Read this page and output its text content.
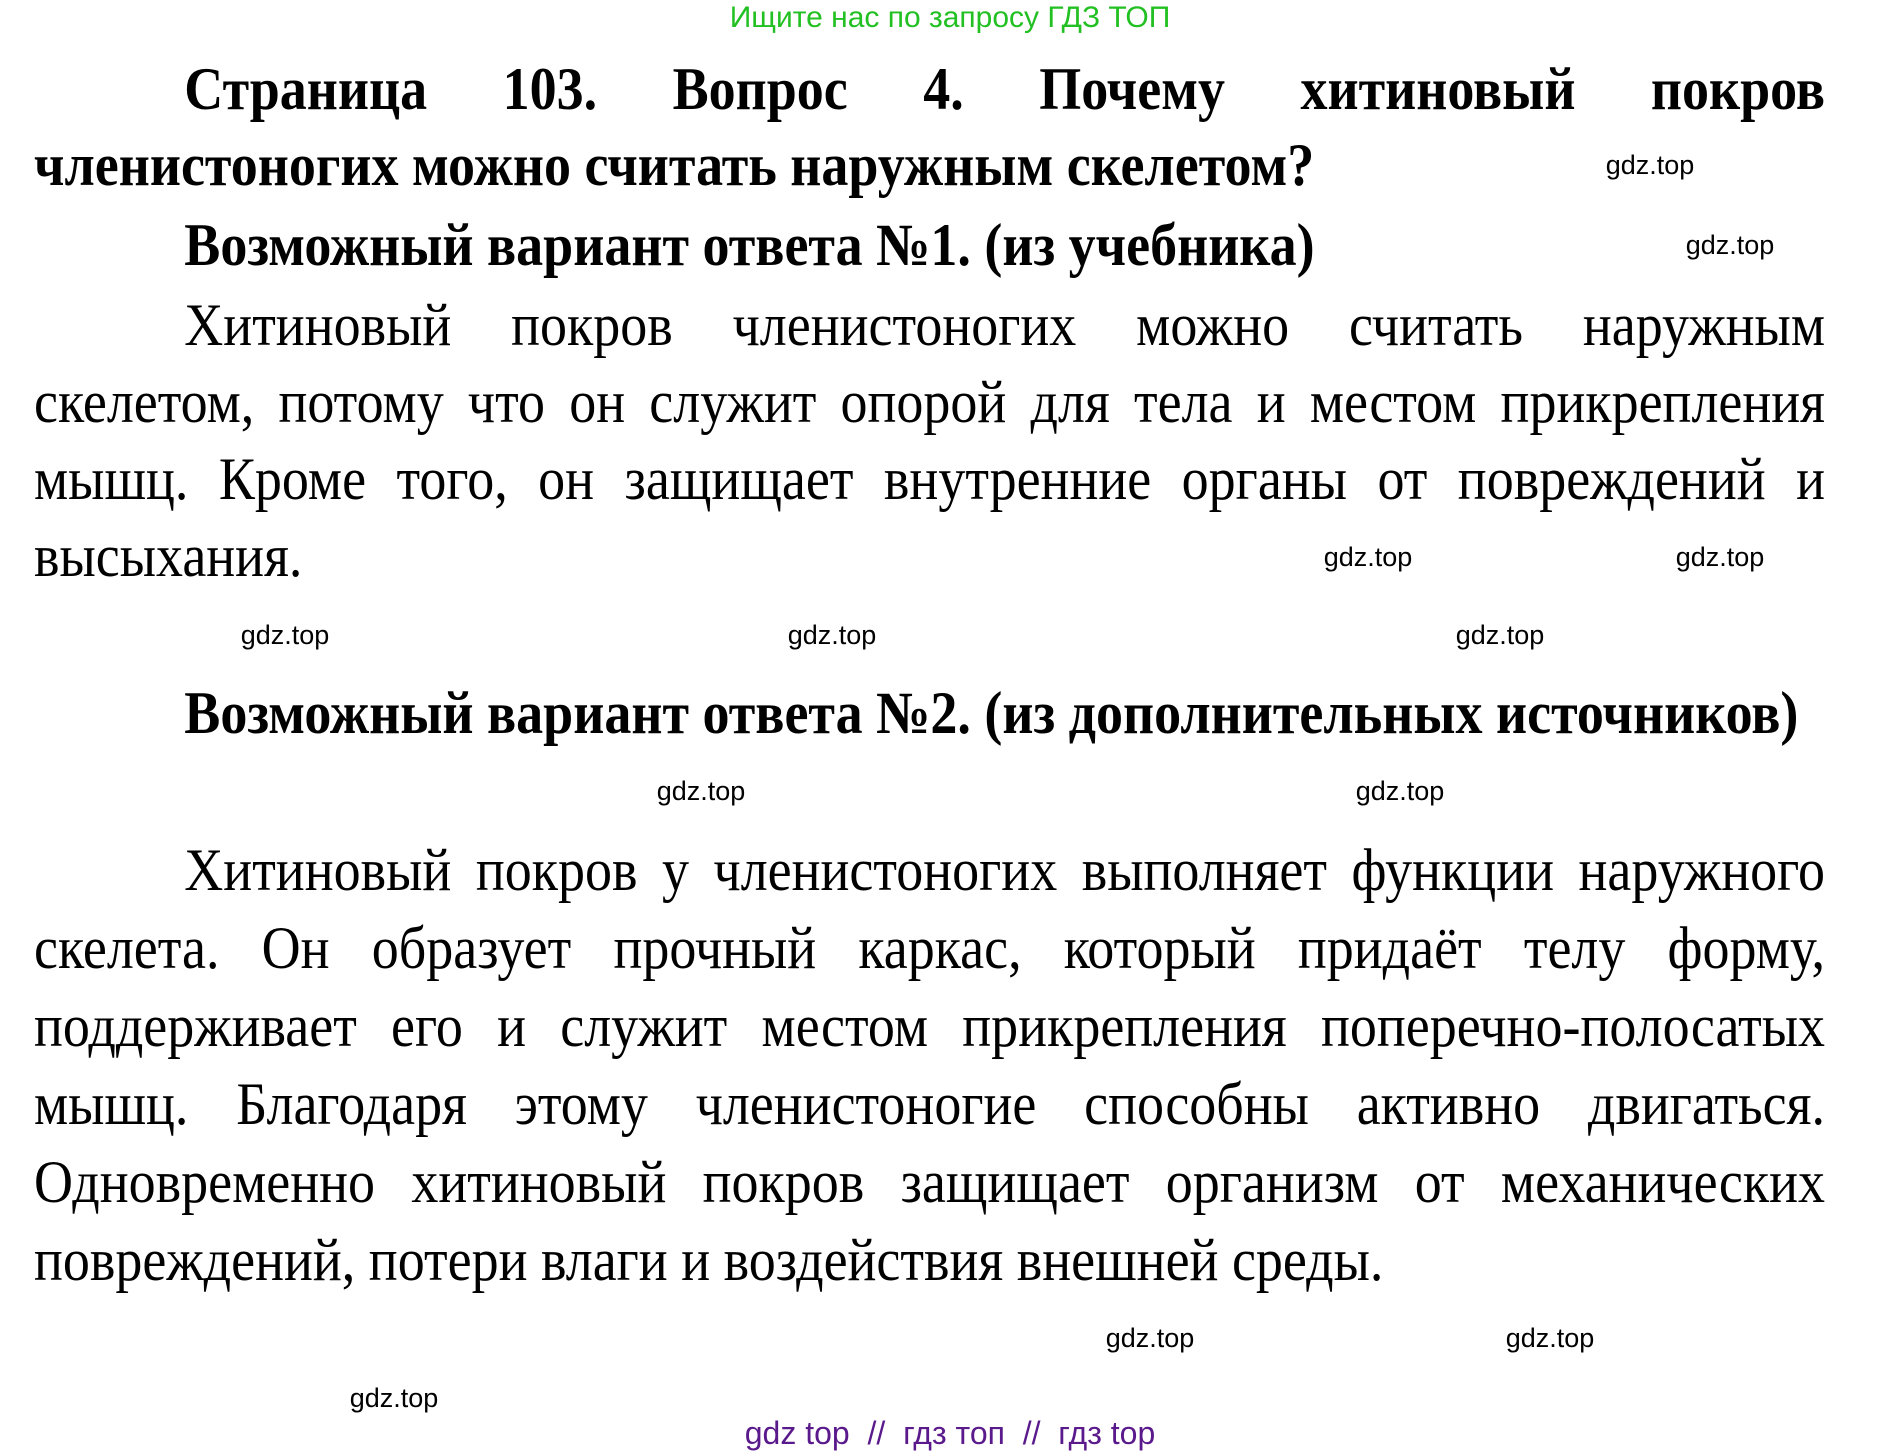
Ищите нас по запросу ГДЗ ТОП
Страница 103. Вопрос 4. Почему хитиновый покров членистоногих можно считать наружным скелетом?
Возможный вариант ответа №1. (из учебника)
Хитиновый покров членистоногих можно считать наружным скелетом, потому что он служит опорой для тела и местом прикрепления мышц. Кроме того, он защищает внутренние органы от повреждений и высыхания.
Возможный вариант ответа №2. (из дополнительных источников)
Хитиновый покров у членистоногих выполняет функции наружного скелета. Он образует прочный каркас, который придаёт телу форму, поддерживает его и служит местом прикрепления поперечно-полосатых мышц. Благодаря этому членистоногие способны активно двигаться. Одновременно хитиновый покров защищает организм от механических повреждений, потери влаги и воздействия внешней среды.
gdz.top
gdz.top
gdz.top	gdz.top
gdz.top	gdz.top	gdz.top
gdz.top	gdz.top
gdz.top	gdz.top
gdz.top
gdz top  //  гдз топ  //  гдз top
